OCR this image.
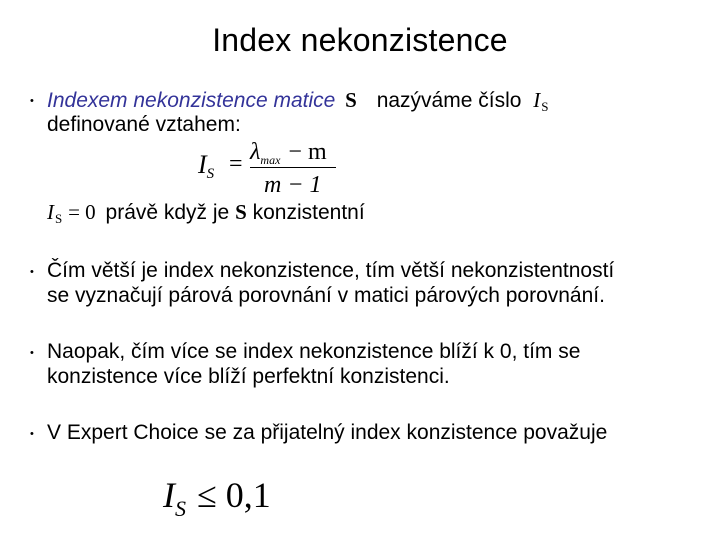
Index nekonzistence
• Indexem nekonzistence matice S nazýváme číslo $I_S$
definované vztahem:
IS = $\lambda_{max} - m$
m − 1
$I_S = 0$ právě když je S konzistentní
• Čím větší je index nekonzistence, tím větší nekonzistentností
se vyznačují párová porovnání v matici párových porovnání.
• Naopak, čím více se index nekonzistence blíží k 0, tím se
konzistence více blíží perfektní konzistenci.
• V Expert Choice se za přijatelný index konzistence považuje
$I_S \le 0,1$
